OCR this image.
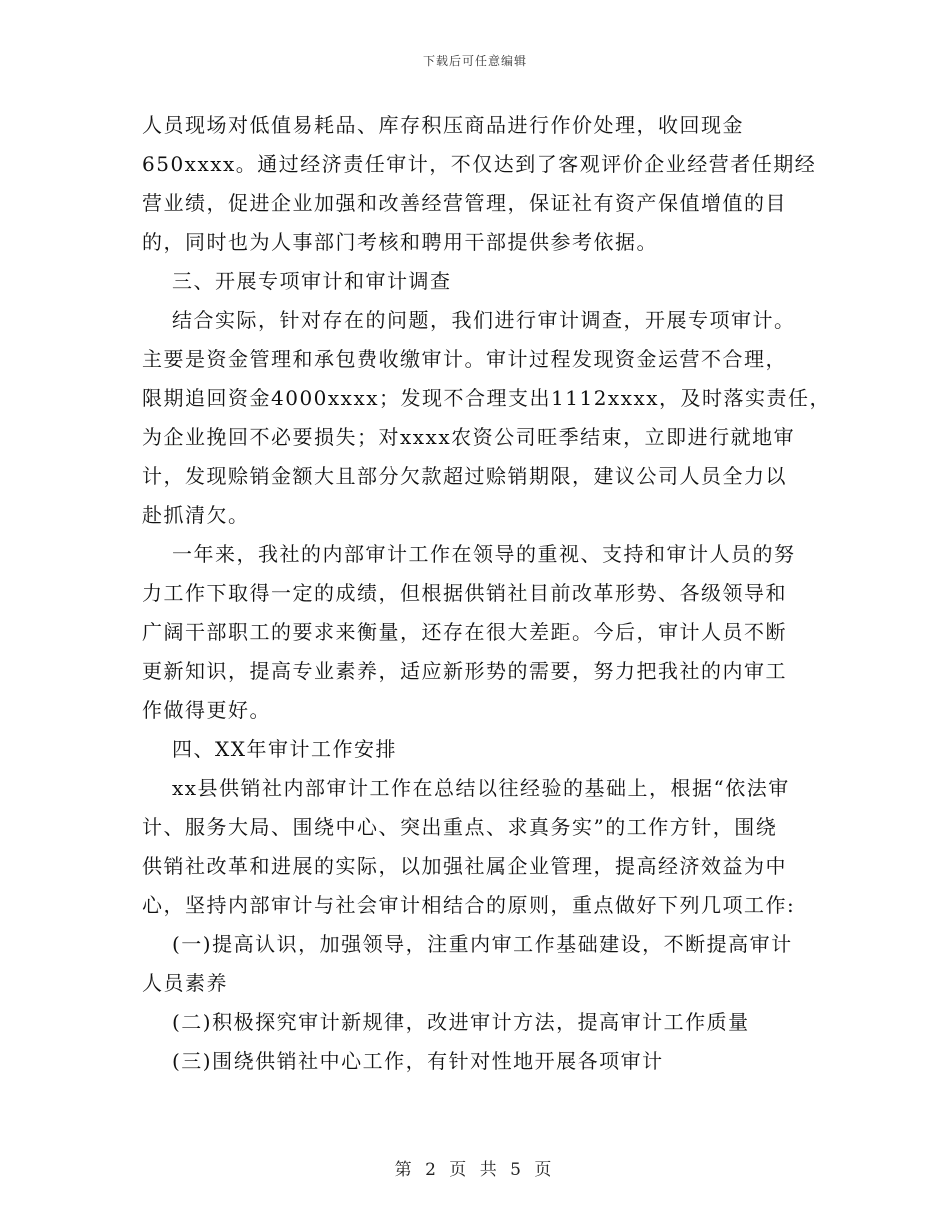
下载后可任意编辑
人员现场对低值易耗品、库存积压商品进行作价处理，收回现金
650xxxx。通过经济责任审计，不仅达到了客观评价企业经营者任期经
营业绩，促进企业加强和改善经营管理，保证社有资产保值增值的目
的，同时也为人事部门考核和聘用干部提供参考依据。
三、开展专项审计和审计调查
结合实际，针对存在的问题，我们进行审计调查，开展专项审计。
主要是资金管理和承包费收缴审计。审计过程发现资金运营不合理，
限期追回资金4000xxxx；发现不合理支出1112xxxx，及时落实责任，
为企业挽回不必要损失；对xxxx农资公司旺季结束，立即进行就地审
计，发现赊销金额大且部分欠款超过赊销期限，建议公司人员全力以
赴抓清欠。
一年来，我社的内部审计工作在领导的重视、支持和审计人员的努
力工作下取得一定的成绩，但根据供销社目前改革形势、各级领导和
广阔干部职工的要求来衡量，还存在很大差距。今后，审计人员不断
更新知识，提高专业素养，适应新形势的需要，努力把我社的内审工
作做得更好。
四、XX年审计工作安排
xx县供销社内部审计工作在总结以往经验的基础上，根据“依法审
计、服务大局、围绕中心、突出重点、求真务实”的工作方针，围绕
供销社改革和进展的实际，以加强社属企业管理，提高经济效益为中
心，坚持内部审计与社会审计相结合的原则，重点做好下列几项工作:
(一)提高认识，加强领导，注重内审工作基础建设，不断提高审计
人员素养
(二)积极探究审计新规律，改进审计方法，提高审计工作质量
(三)围绕供销社中心工作，有针对性地开展各项审计
第 2 页 共 5 页
